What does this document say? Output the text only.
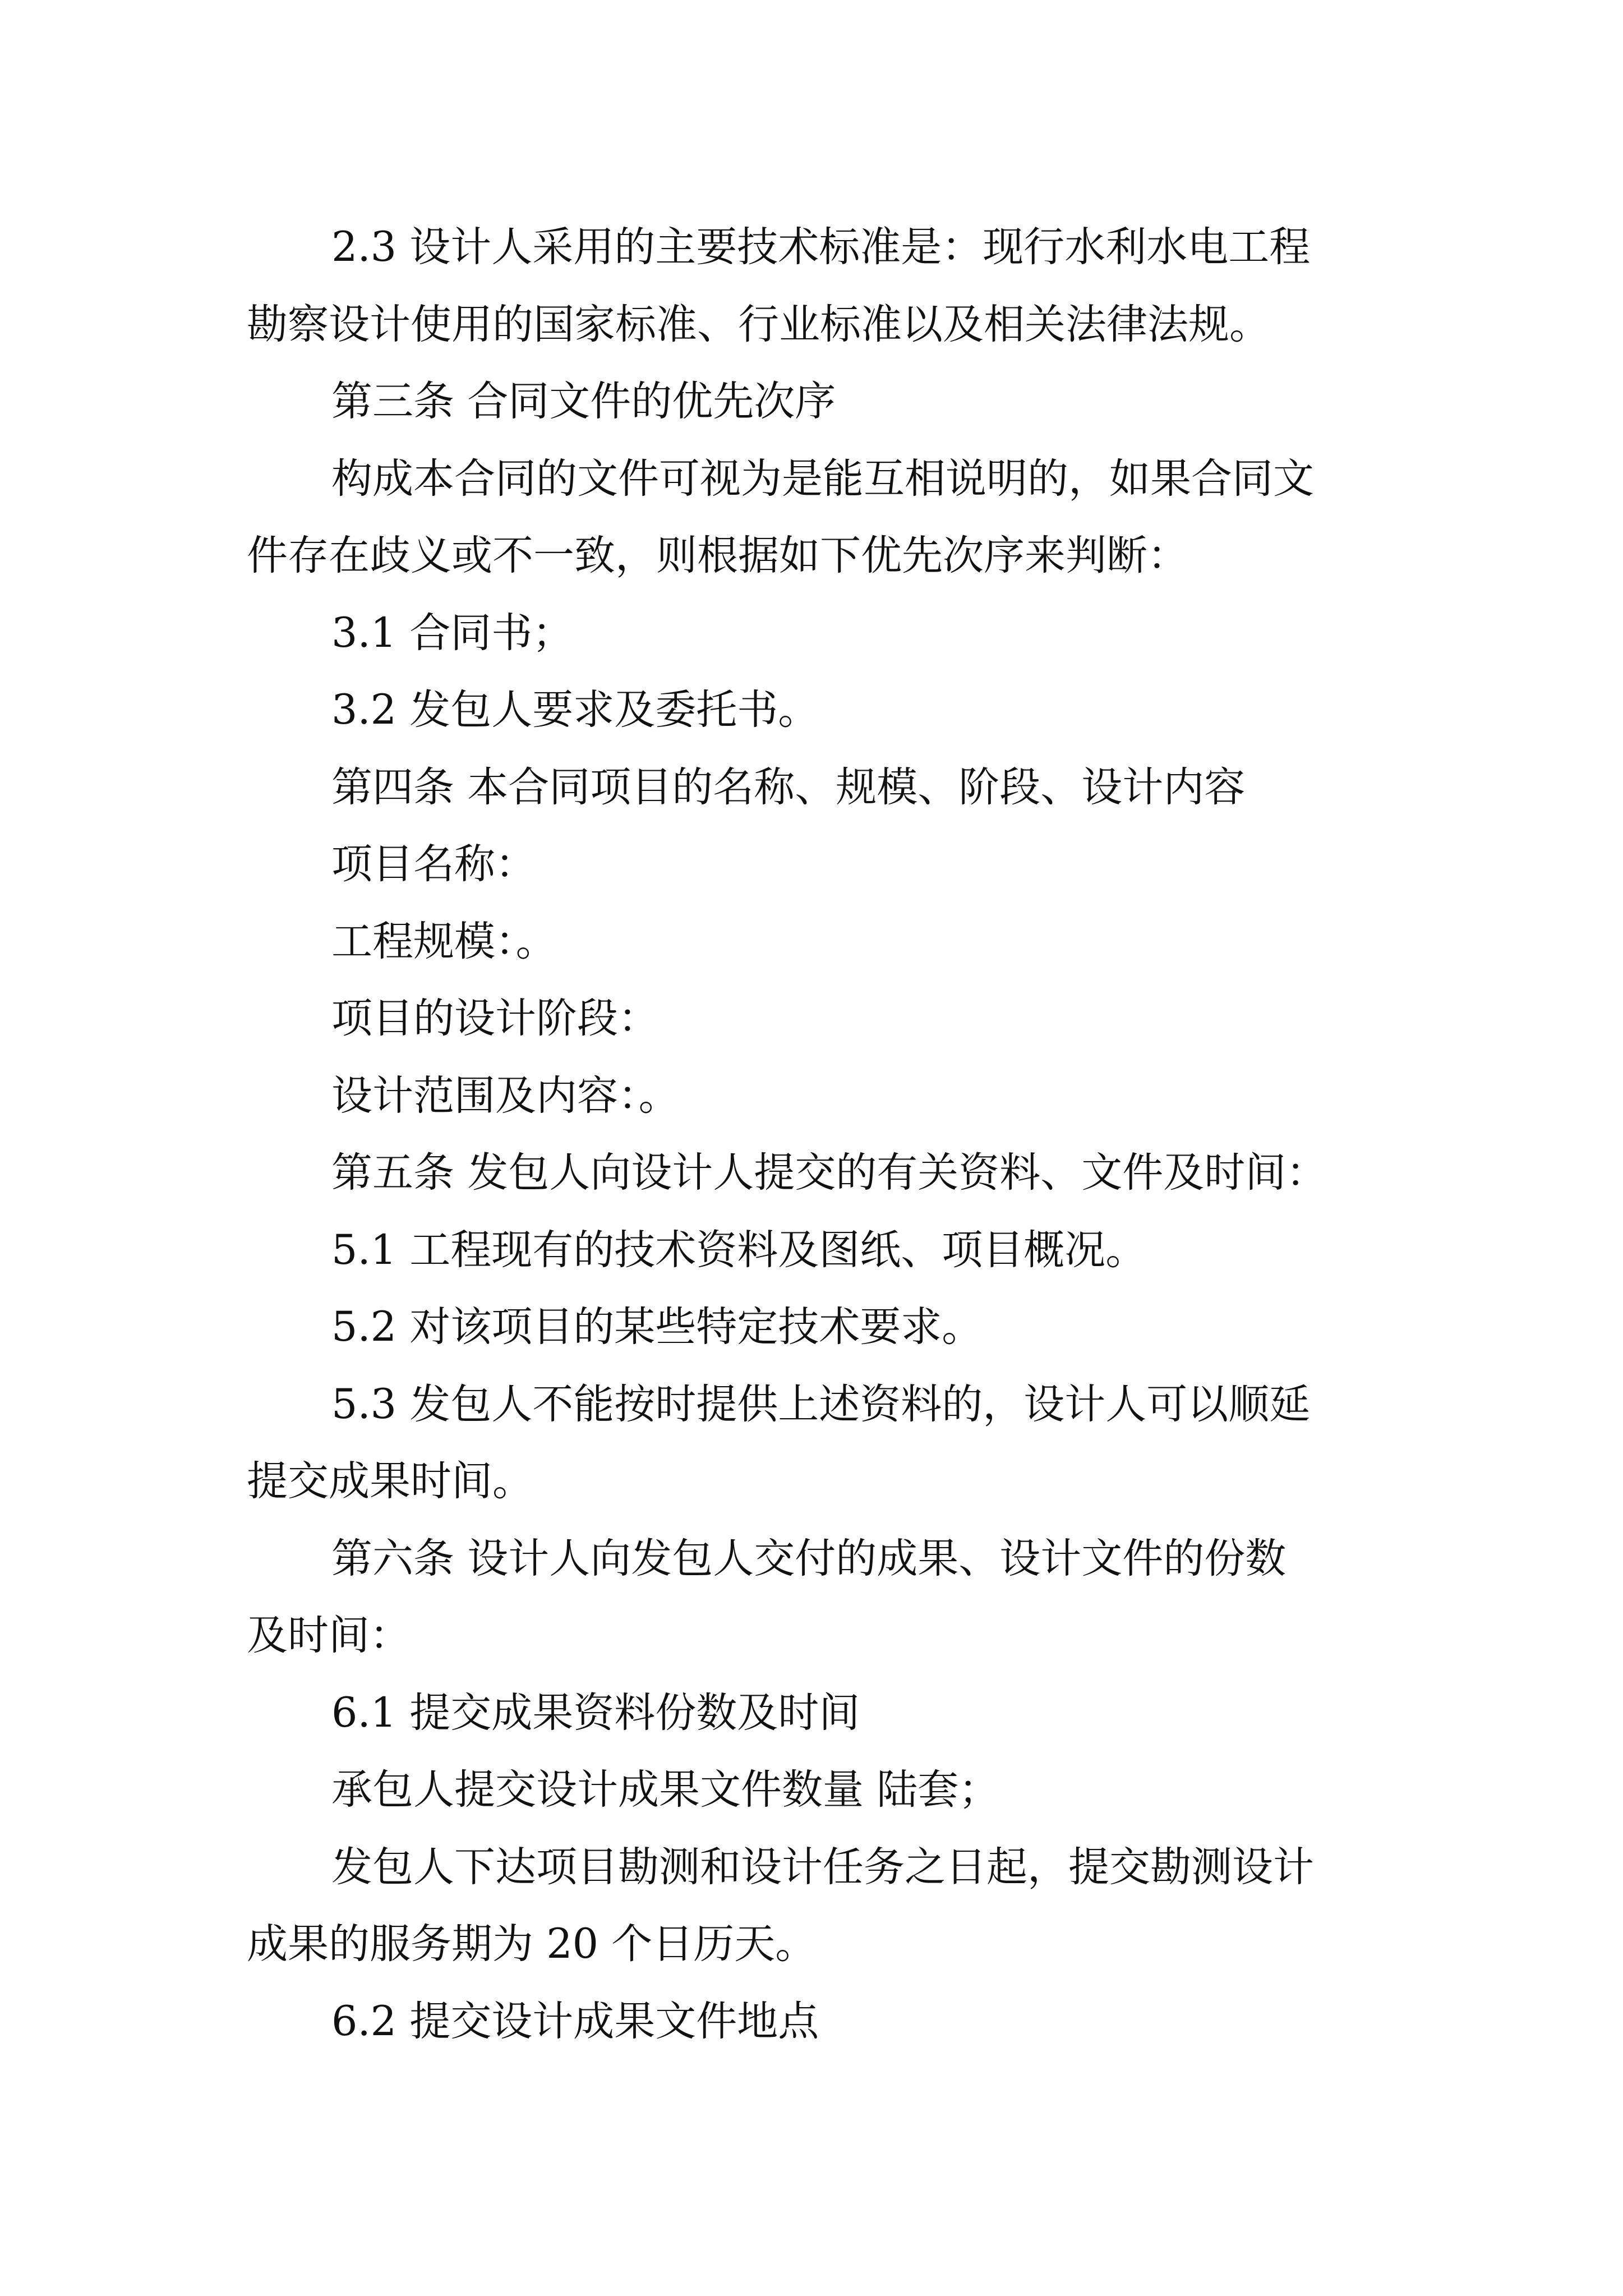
2.3 设计人采用的主要技术标准是：现行水利水电工程

勘察设计使用的国家标准、行业标准以及相关法律法规。

第三条 合同文件的优先次序

构成本合同的文件可视为是能互相说明的，如果合同文

件存在歧义或不一致，则根据如下优先次序来判断：

3.1 合同书；

3.2 发包人要求及委托书。

第四条 本合同项目的名称、规模、阶段、设计内容

项目名称：

工程规模：。

项目的设计阶段：

设计范围及内容：。

第五条 发包人向设计人提交的有关资料、文件及时间：

5.1 工程现有的技术资料及图纸、项目概况。

5.2 对该项目的某些特定技术要求。

5.3 发包人不能按时提供上述资料的，设计人可以顺延

提交成果时间。

第六条 设计人向发包人交付的成果、设计文件的份数

及时间：

6.1 提交成果资料份数及时间

承包人提交设计成果文件数量 陆套；

发包人下达项目勘测和设计任务之日起，提交勘测设计

成果的服务期为 20 个日历天。

6.2 提交设计成果文件地点
